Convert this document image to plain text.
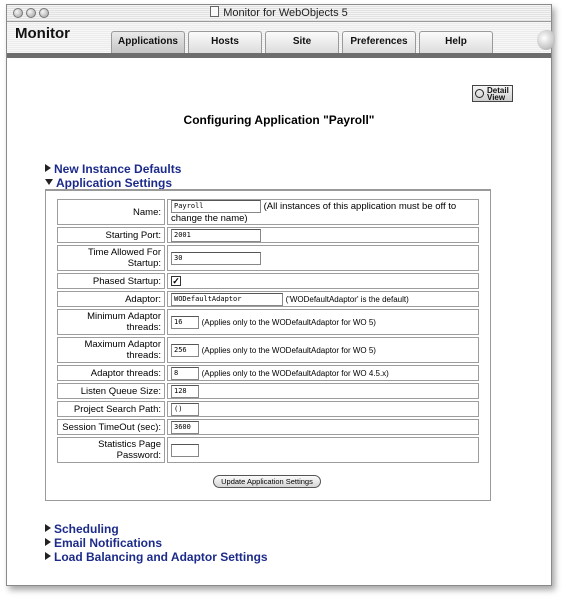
Monitor for WebObjects 5
Monitor	Applications	Hosts	Site	Preferences	Help
Detail View
Configuring Application "Payroll"
New Instance Defaults
Application Settings
Name:	Payroll (All instances of this application must be off to change the name)
Starting Port:	2001
Time Allowed For Startup:	30
Phased Startup:	✓
Adaptor:	WODefaultAdaptor ('WODefaultAdaptor' is the default)
Minimum Adaptor threads:	16 (Applies only to the WODefaultAdaptor for WO 5)
Maximum Adaptor threads:	256 (Applies only to the WODefaultAdaptor for WO 5)
Adaptor threads:	8 (Applies only to the WODefaultAdaptor for WO 4.5.x)
Listen Queue Size:	128
Project Search Path:	()
Session TimeOut (sec):	3600
Statistics Page Password:	
Update Application Settings
Scheduling
Email Notifications
Load Balancing and Adaptor Settings
